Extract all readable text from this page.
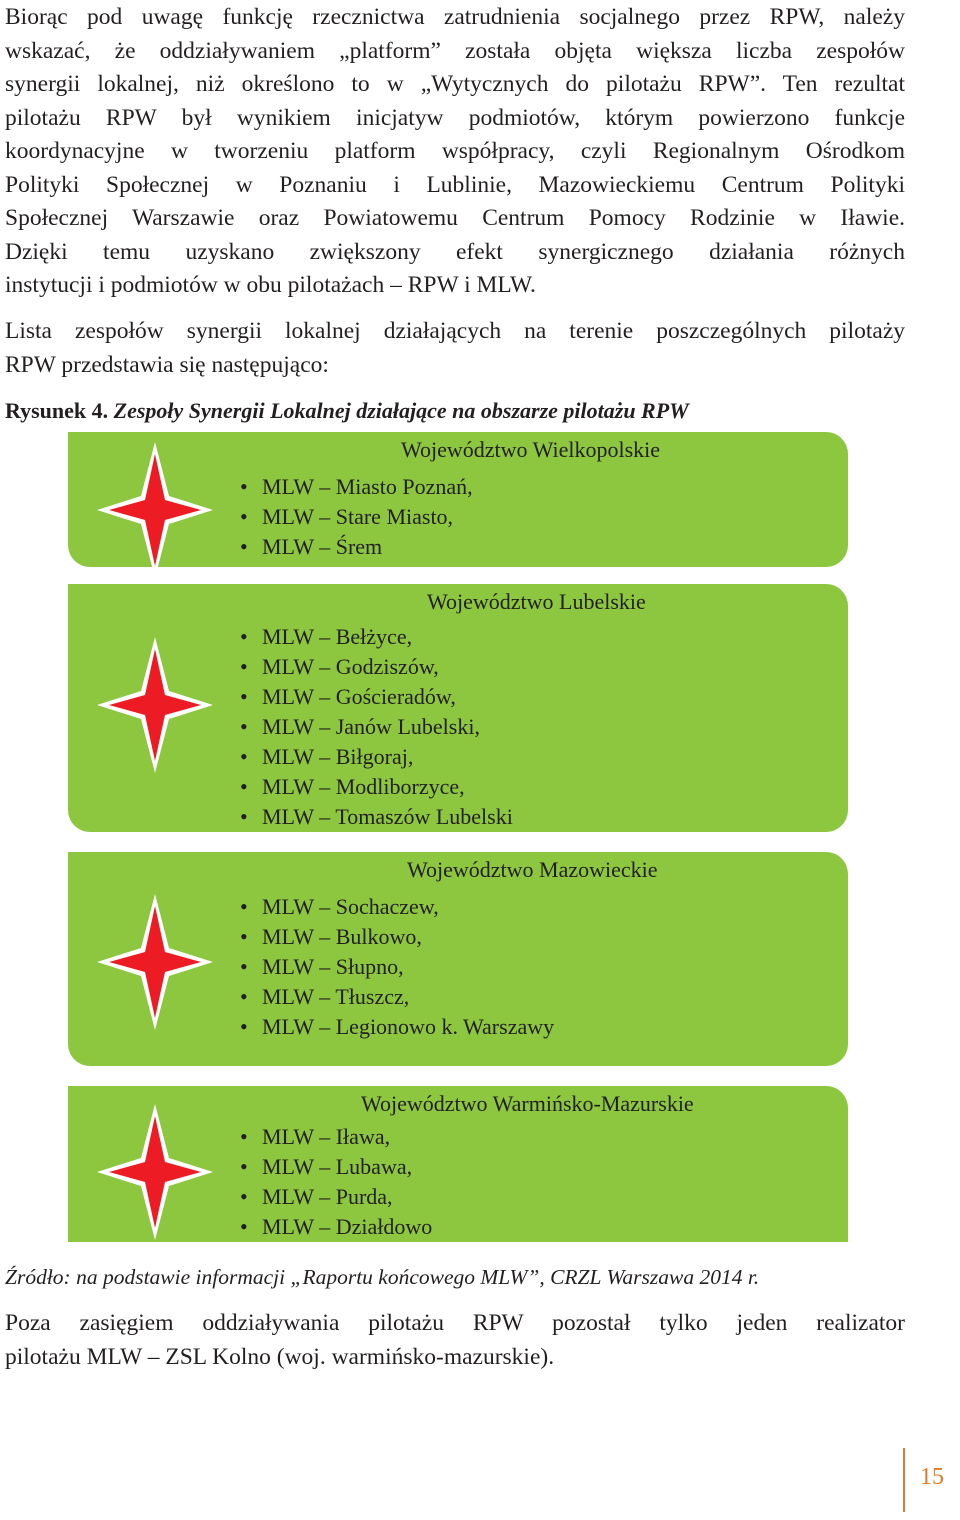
Biorąc pod uwagę funkcję rzecznictwa zatrudnienia socjalnego przez RPW, należy
wskazać, że oddziaływaniem „platform” została objęta większa liczba zespołów
synergii lokalnej, niż określono to w „Wytycznych do pilotażu RPW”. Ten rezultat
pilotażu RPW był wynikiem inicjatyw podmiotów, którym powierzono funkcje
koordynacyjne w tworzeniu platform współpracy, czyli Regionalnym Ośrodkom
Polityki Społecznej w Poznaniu i Lublinie, Mazowieckiemu Centrum Polityki
Społecznej Warszawie oraz Powiatowemu Centrum Pomocy Rodzinie w Iławie.
Dzięki temu uzyskano zwiększony efekt synergicznego działania różnych
instytucji i podmiotów w obu pilotażach – RPW i MLW.
Lista zespołów synergii lokalnej działających na terenie poszczególnych pilotaży
RPW przedstawia się następująco:

Rysunek 4. Zespoły Synergii Lokalnej działające na obszarze pilotażu RPW

Województwo Wielkopolskie
• MLW – Miasto Poznań,
• MLW – Stare Miasto,
• MLW – Śrem
Województwo Lubelskie
• MLW – Bełżyce,
• MLW – Godziszów,
• MLW – Gościeradów,
• MLW – Janów Lubelski,
• MLW – Biłgoraj,
• MLW – Modliborzyce,
• MLW – Tomaszów Lubelski
Województwo Mazowieckie
• MLW – Sochaczew,
• MLW – Bulkowo,
• MLW – Słupno,
• MLW – Tłuszcz,
• MLW – Legionowo k. Warszawy
Województwo Warmińsko-Mazurskie
• MLW – Iława,
• MLW – Lubawa,
• MLW – Purda,
• MLW – Działdowo

Źródło: na podstawie informacji „Raportu końcowego MLW”, CRZL Warszawa 2014 r.

Poza zasięgiem oddziaływania pilotażu RPW pozostał tylko jeden realizator
pilotażu MLW – ZSL Kolno (woj. warmińsko-mazurskie).
15
